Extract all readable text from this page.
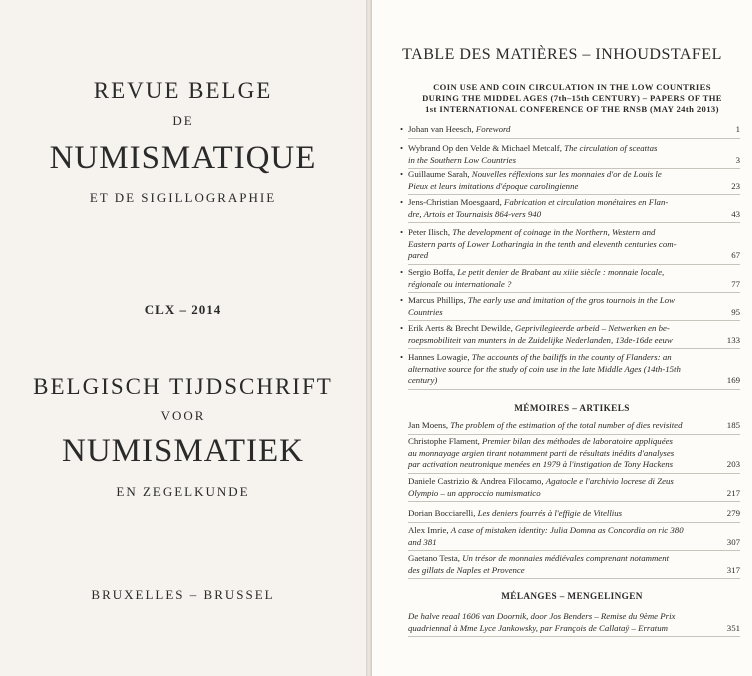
REVUE BELGE
DE
NUMISMATIQUE
ET DE SIGILLOGRAPHIE
CLX – 2014
BELGISCH TIJDSCHRIFT
VOOR
NUMISMATIEK
EN ZEGELKUNDE
BRUXELLES – BRUSSEL
TABLE DES MATIÈRES – INHOUDSTAFEL
COIN USE AND COIN CIRCULATION IN THE LOW COUNTRIES
DURING THE MIDDEL AGES (7th–15th CENTURY) – PAPERS OF THE
1st INTERNATIONAL CONFERENCE OF THE RNSB (MAY 24th 2013)
• Johan van Heesch, Foreword	1
• Wybrand Op den Velde & Michael Metcalf, The circulation of sceattas
in the Southern Low Countries	3
• Guillaume Sarah, Nouvelles réflexions sur les monnaies d'or de Louis le
Pieux et leurs imitations d'époque carolingienne	23
• Jens-Christian Moesgaard, Fabrication et circulation monétaires en Flan-
dre, Artois et Tournaisis 864-vers 940	43
• Peter Ilisch, The development of coinage in the Northern, Western and
Eastern parts of Lower Lotharingia in the tenth and eleventh centuries com-
pared	67
• Sergio Boffa, Le petit denier de Brabant au xiiie siècle : monnaie locale,
régionale ou internationale ?	77
• Marcus Phillips, The early use and imitation of the gros tournois in the Low
Countries	95
• Erik Aerts & Brecht Dewilde, Geprivilegieerde arbeid – Netwerken en be-
roepsmobiliteit van munters in de Zuidelijke Nederlanden, 13de-16de eeuw	133
• Hannes Lowagie, The accounts of the bailiffs in the county of Flanders: an
alternative source for the study of coin use in the late Middle Ages (14th-15th
century)	169
MÉMOIRES – ARTIKELS
Jan Moens, The problem of the estimation of the total number of dies revisited	185
Christophe Flament, Premier bilan des méthodes de laboratoire appliquées
au monnayage argien tirant notamment parti de résultats inédits d'analyses
par activation neutronique menées en 1979 à l'instigation de Tony Hackens	203
Daniele Castrizio & Andrea Filocamo, Agatocle e l'archivio locrese di Zeus
Olympio – un approccio numismatico	217
Dorian Bocciarelli, Les deniers fourrés à l'effigie de Vitellius	279
Alex Imrie, A case of mistaken identity: Julia Domna as Concordia on ric 380
and 381	307
Gaetano Testa, Un trésor de monnaies médiévales comprenant notamment
des gillats de Naples et Provence	317
MÉLANGES – MENGELINGEN
De halve reaal 1606 van Doornik, door Jos Benders – Remise du 9ème Prix
quadriennal à Mme Lyce Jankowsky, par François de Callataÿ – Erratum	351
